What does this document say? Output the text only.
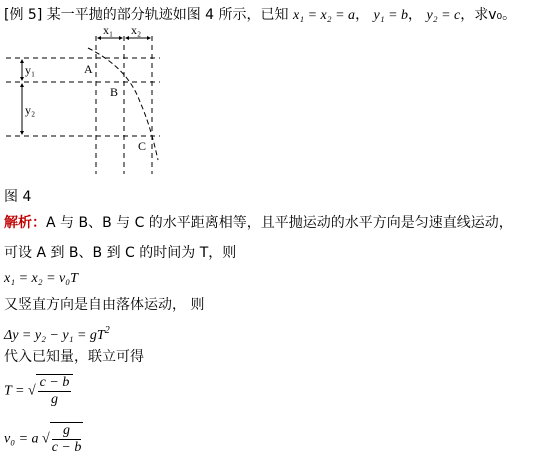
[例 5] 某一平抛的部分轨迹如图 4 所示，已知 x₁ = x₂ = a， y₁ = b， y₂ = c，求v₀。
x₁ x₂
y₁
y₂
A
B
C
图 4
解析：A 与 B、B 与 C 的水平距离相等，且平抛运动的水平方向是匀速直线运动，
可设 A 到 B、B 到 C 的时间为 T，则
x₁ = x₂ = v₀T
又竖直方向是自由落体运动， 则
$\Delta y = y_2 - y_1 = gT^2$
代入已知量，联立可得
T = √ $\frac{c - b}{g}$
v₀ = a √ $\frac{g}{c - b}$
